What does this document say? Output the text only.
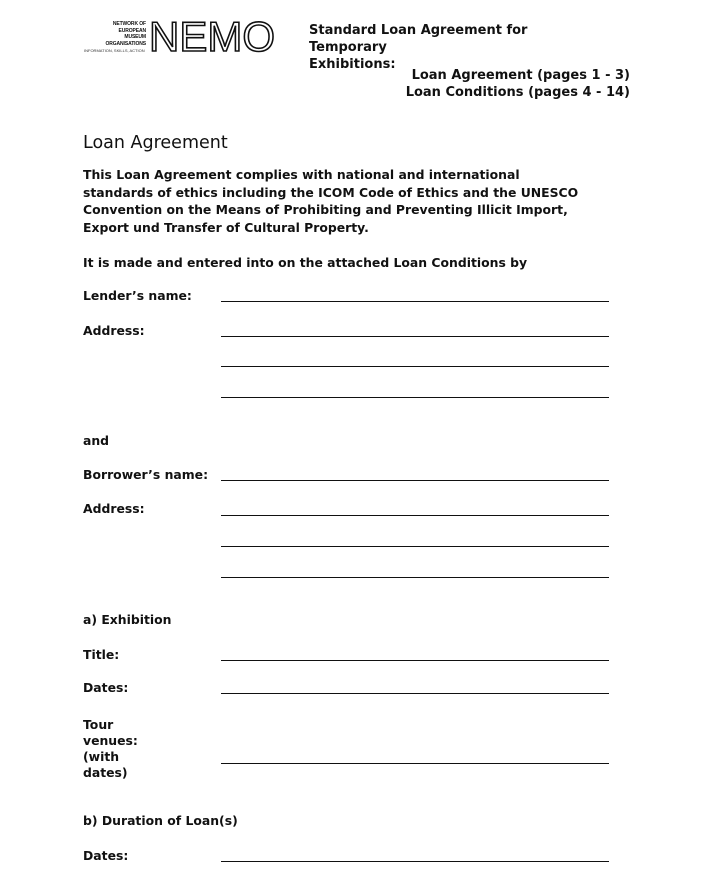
NETWORK OF
EUROPEAN
MUSEUM
ORGANISATIONS
INFORMATION, SKILLS, ACTION NEMO	Standard Loan Agreement for Temporary
Exhibitions:
Loan Agreement (pages 1 - 3)
Loan Conditions (pages 4 - 14)
Loan Agreement
This Loan Agreement complies with national and international standards of ethics including the ICOM Code of Ethics and the UNESCO Convention on the Means of Prohibiting and Preventing Illicit Import, Export und Transfer of Cultural Property.
It is made and entered into on the attached Loan Conditions by
Lender’s name:
Address:
and
Borrower’s name:
Address:
a) Exhibition
Title:
Dates:
Tour venues: (with dates)
b) Duration of Loan(s)
Dates:
